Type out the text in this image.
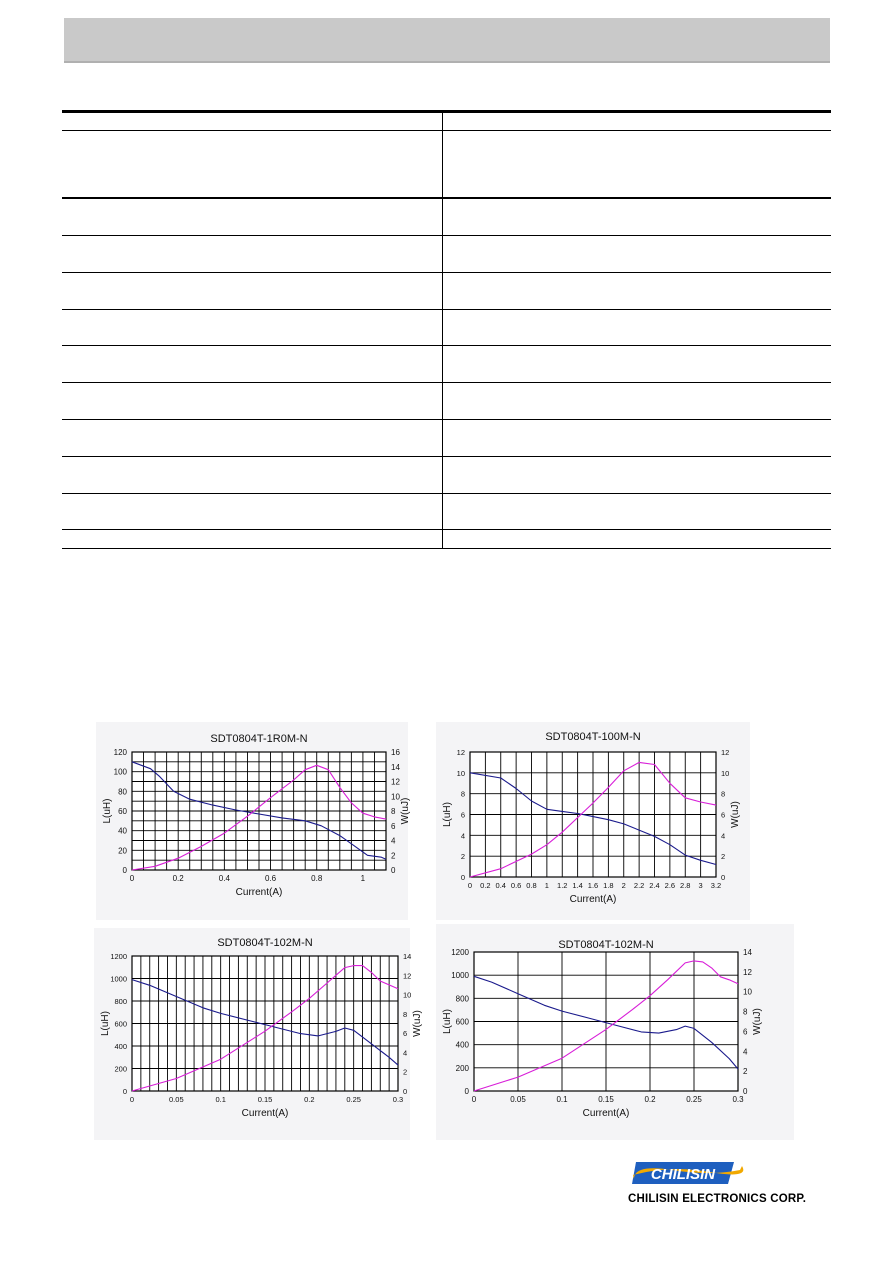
0	0.2	0.4	0.6	0.8	1
0
20
40
60
80
100
120
0
2
4
6
8
10
12
14
16
SDT0804T-1R0M-N
Current(A)
L(uH)	W(uJ)
0 0.2 0.4 0.6 0.8 1 1.2 1.4 1.6 1.8 2 2.2 2.4 2.6 2.8 3 3.2
0
2
4
6
8
10
12
0
2
4
6
8
10
12
SDT0804T-100M-N
Current(A)
L(uH)	W(uJ)
0	0.05	0.1	0.15	0.2	0.25	0.3
0
200
400
600
800
1000
1200
0
2
4
6
8
10
12
14
SDT0804T-102M-N
Current(A)
L(uH)	W(uJ)
0	0.05	0.1	0.15	0.2	0.25	0.3
0
200
400
600
800
1000
1200
0
2
4
6
8
10
12
14
SDT0804T-102M-N
Current(A)
L(uH)	W(uJ)
CHILISIN
CHILISIN ELECTRONICS CORP.
